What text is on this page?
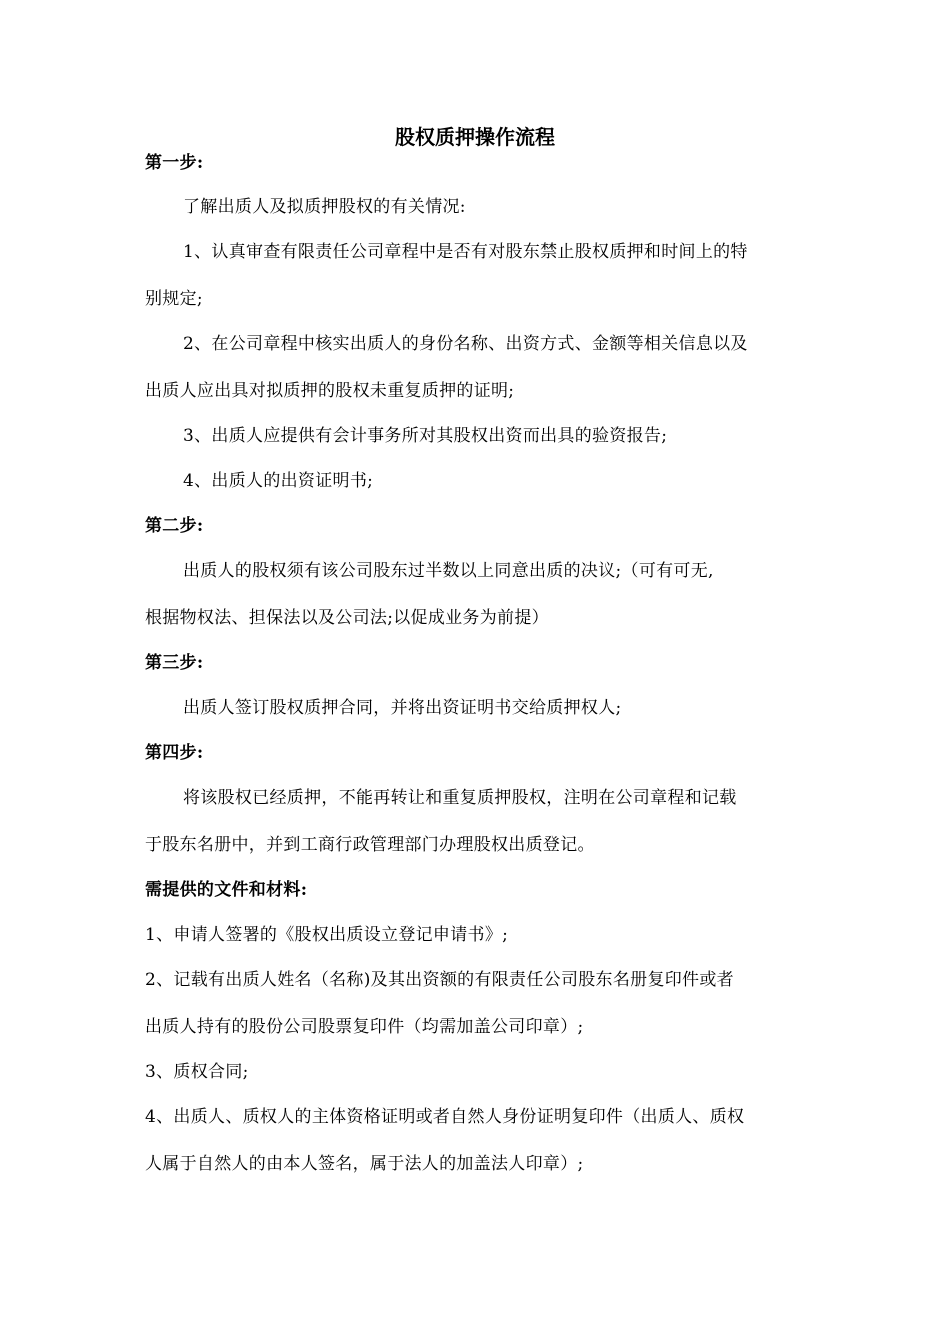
股权质押操作流程
第一步:
了解出质人及拟质押股权的有关情况:
1、认真审查有限责任公司章程中是否有对股东禁止股权质押和时间上的特
别规定;
2、在公司章程中核实出质人的身份名称、出资方式、金额等相关信息以及
出质人应出具对拟质押的股权未重复质押的证明;
3、出质人应提供有会计事务所对其股权出资而出具的验资报告;
4、出质人的出资证明书;
第二步:
出质人的股权须有该公司股东过半数以上同意出质的决议;（可有可无,
根据物权法、担保法以及公司法;以促成业务为前提）
第三步:
出质人签订股权质押合同，并将出资证明书交给质押权人;
第四步:
将该股权已经质押，不能再转让和重复质押股权，注明在公司章程和记载
于股东名册中，并到工商行政管理部门办理股权出质登记。
需提供的文件和材料:
1、申请人签署的《股权出质设立登记申请书》;
2、记载有出质人姓名（名称)及其出资额的有限责任公司股东名册复印件或者
出质人持有的股份公司股票复印件（均需加盖公司印章）;
3、质权合同;
4、出质人、质权人的主体资格证明或者自然人身份证明复印件（出质人、质权
人属于自然人的由本人签名，属于法人的加盖法人印章）;
